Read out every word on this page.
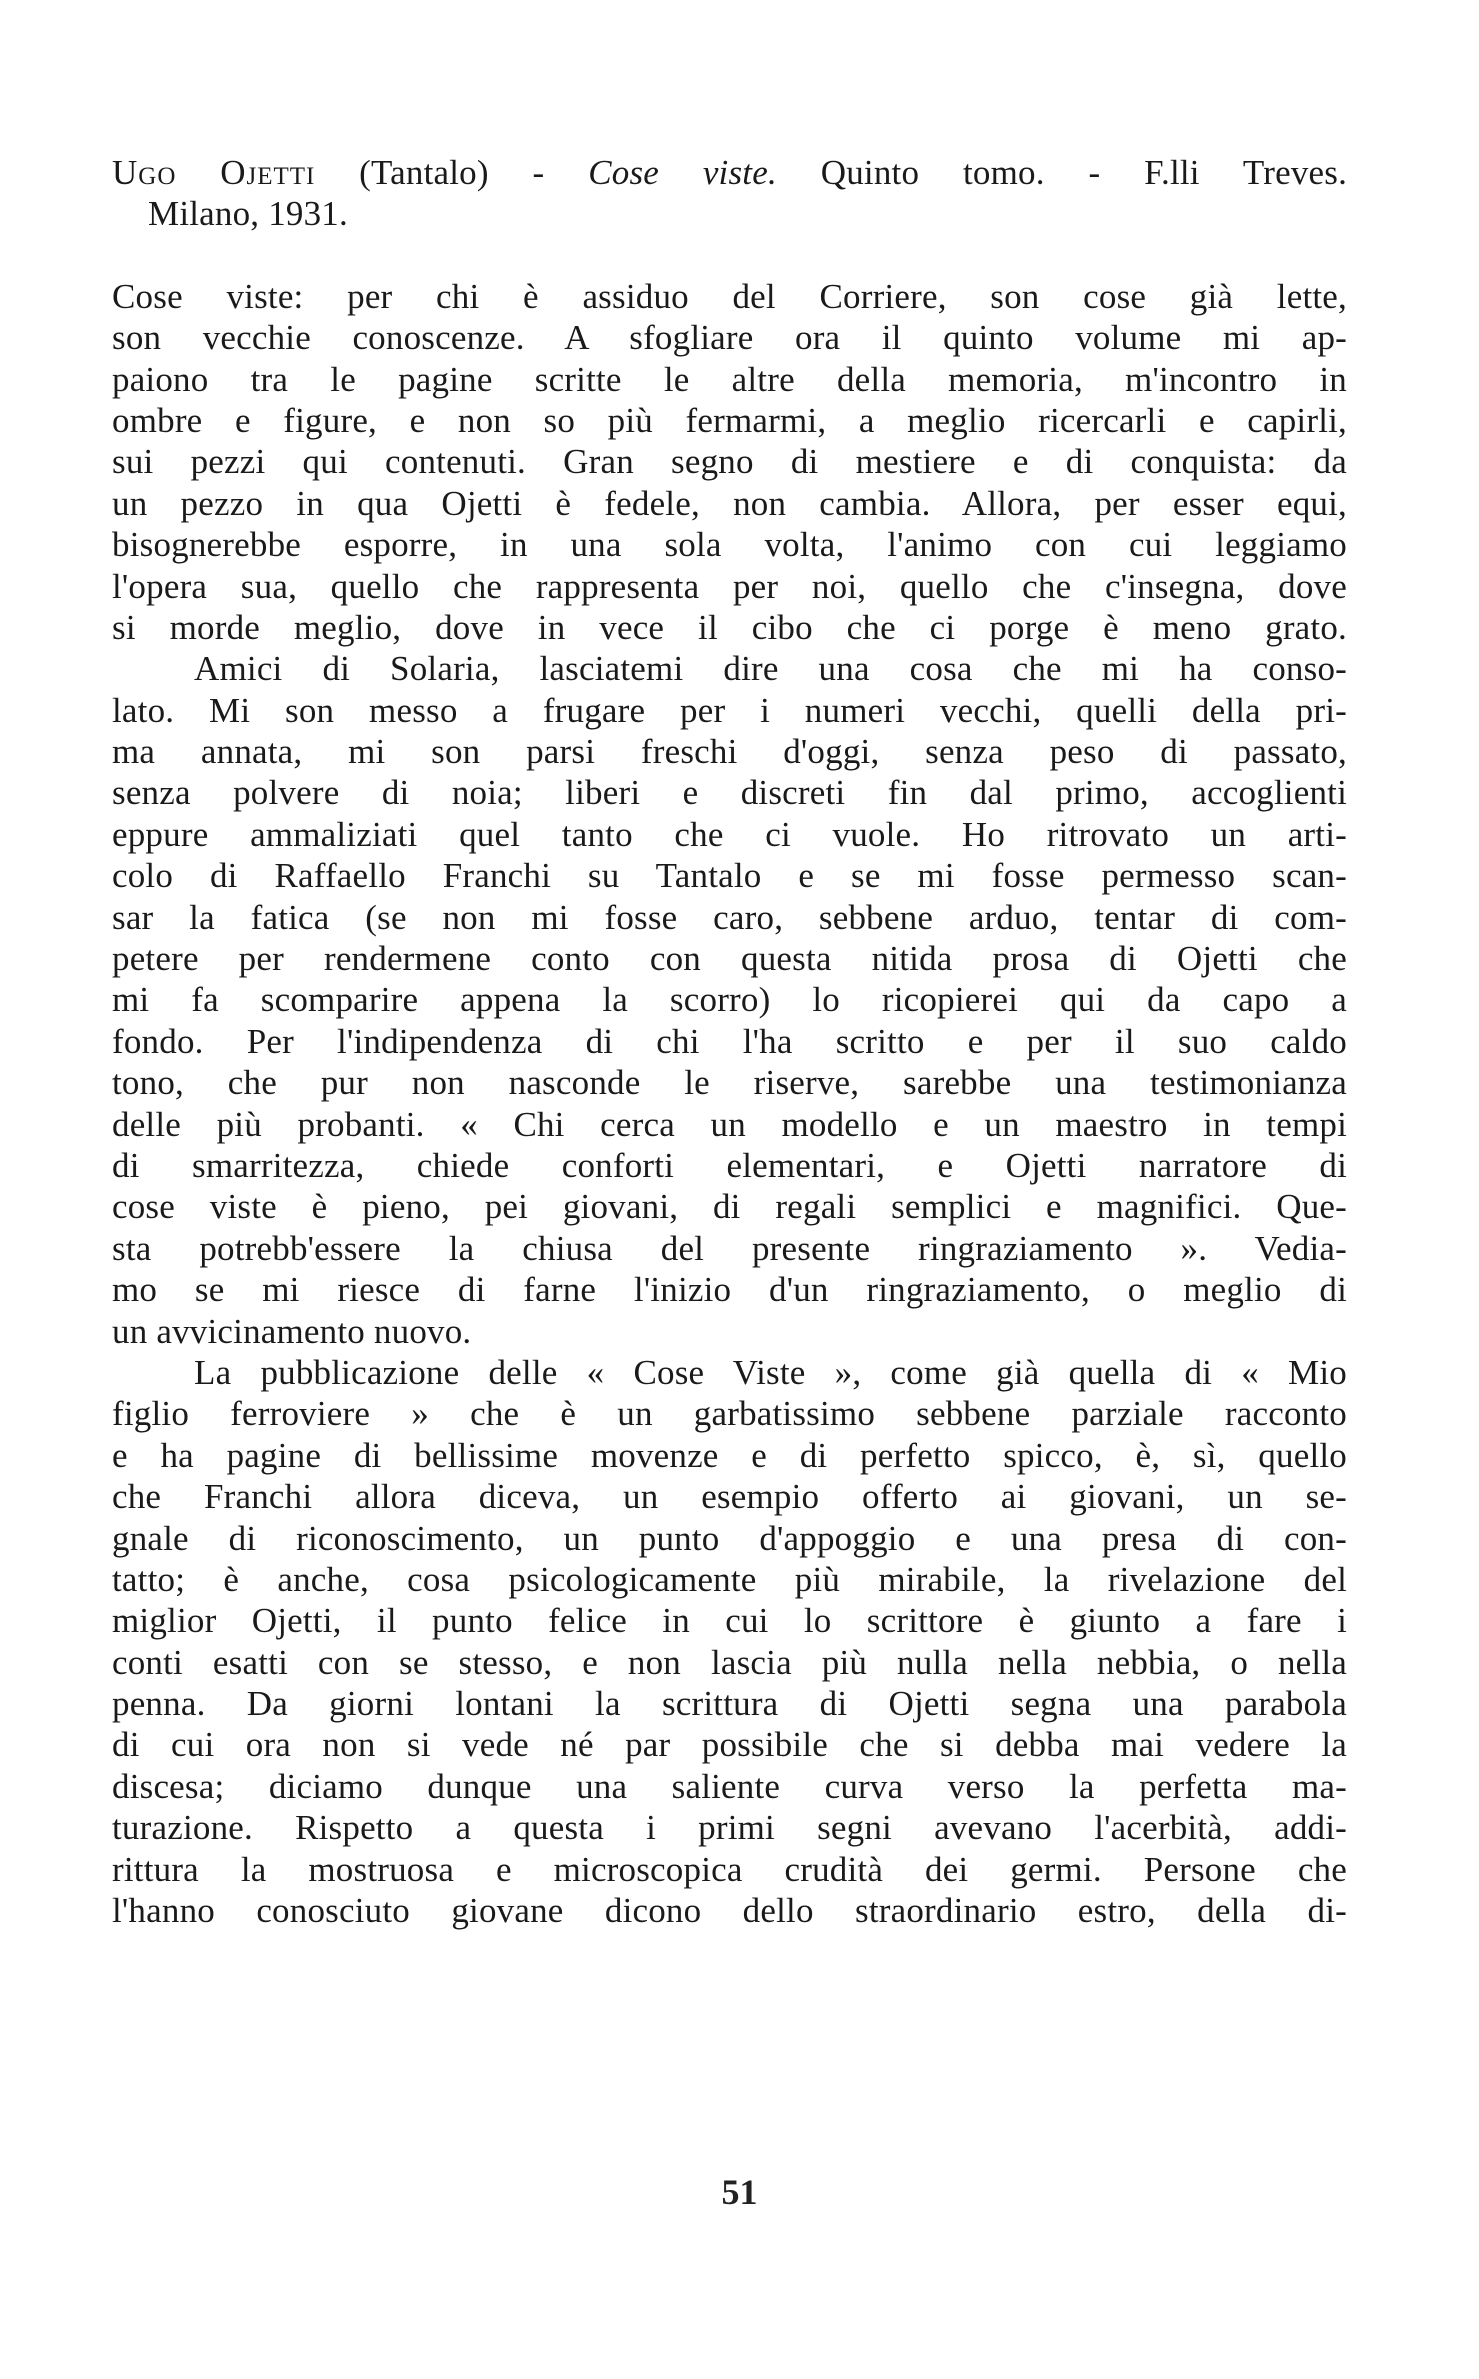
Ugo Ojetti (Tantalo) - Cose viste. Quinto tomo. - F.lli Treves.
Milano, 1931.
Cose viste: per chi è assiduo del Corriere, son cose già lette,
son vecchie conoscenze. A sfogliare ora il quinto volume mi ap-
paiono tra le pagine scritte le altre della memoria, m'incontro in
ombre e figure, e non so più fermarmi, a meglio ricercarli e capirli,
sui pezzi qui contenuti. Gran segno di mestiere e di conquista: da
un pezzo in qua Ojetti è fedele, non cambia. Allora, per esser equi,
bisognerebbe esporre, in una sola volta, l'animo con cui leggiamo
l'opera sua, quello che rappresenta per noi, quello che c'insegna, dove
si morde meglio, dove in vece il cibo che ci porge è meno grato.
Amici di Solaria, lasciatemi dire una cosa che mi ha conso-
lato. Mi son messo a frugare per i numeri vecchi, quelli della pri-
ma annata, mi son parsi freschi d'oggi, senza peso di passato,
senza polvere di noia; liberi e discreti fin dal primo, accoglienti
eppure ammaliziati quel tanto che ci vuole. Ho ritrovato un arti-
colo di Raffaello Franchi su Tantalo e se mi fosse permesso scan-
sar la fatica (se non mi fosse caro, sebbene arduo, tentar di com-
petere per rendermene conto con questa nitida prosa di Ojetti che
mi fa scomparire appena la scorro) lo ricopierei qui da capo a
fondo. Per l'indipendenza di chi l'ha scritto e per il suo caldo
tono, che pur non nasconde le riserve, sarebbe una testimonianza
delle più probanti. « Chi cerca un modello e un maestro in tempi
di smarritezza, chiede conforti elementari, e Ojetti narratore di
cose viste è pieno, pei giovani, di regali semplici e magnifici. Que-
sta potrebb'essere la chiusa del presente ringraziamento ». Vedia-
mo se mi riesce di farne l'inizio d'un ringraziamento, o meglio di
un avvicinamento nuovo.
La pubblicazione delle « Cose Viste », come già quella di « Mio
figlio ferroviere » che è un garbatissimo sebbene parziale racconto
e ha pagine di bellissime movenze e di perfetto spicco, è, sì, quello
che Franchi allora diceva, un esempio offerto ai giovani, un se-
gnale di riconoscimento, un punto d'appoggio e una presa di con-
tatto; è anche, cosa psicologicamente più mirabile, la rivelazione del
miglior Ojetti, il punto felice in cui lo scrittore è giunto a fare i
conti esatti con se stesso, e non lascia più nulla nella nebbia, o nella
penna. Da giorni lontani la scrittura di Ojetti segna una parabola
di cui ora non si vede né par possibile che si debba mai vedere la
discesa; diciamo dunque una saliente curva verso la perfetta ma-
turazione. Rispetto a questa i primi segni avevano l'acerbità, addi-
rittura la mostruosa e microscopica crudità dei germi. Persone che
l'hanno conosciuto giovane dicono dello straordinario estro, della di-
51
